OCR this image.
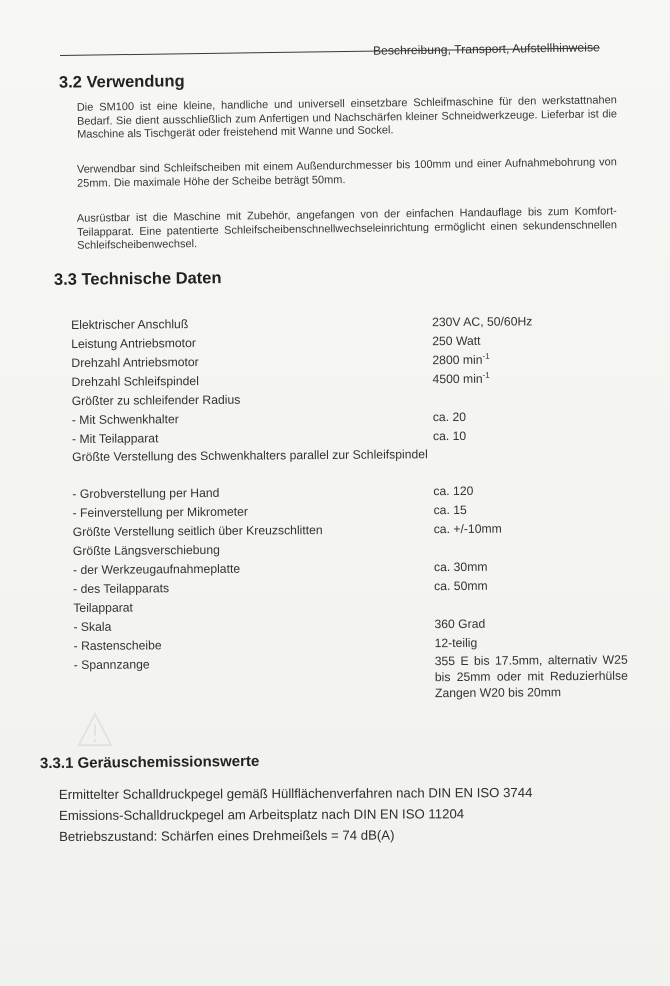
Beschreibung, Transport, Aufstellhinweise

3.2 Verwendung
Die SM100 ist eine kleine, handliche und universell einsetzbare Schleifmaschine für den werkstattnahen Bedarf. Sie dient ausschließlich zum Anfertigen und Nachschärfen kleiner Schneidwerkzeuge. Lieferbar ist die Maschine als Tischgerät oder freistehend mit Wanne und Sockel.
Verwendbar sind Schleifscheiben mit einem Außendurchmesser bis 100mm und einer Aufnahmebohrung von 25mm. Die maximale Höhe der Scheibe beträgt 50mm.
Ausrüstbar ist die Maschine mit Zubehör, angefangen von der einfachen Handauflage bis zum Komfort-Teilapparat. Eine patentierte Schleifscheibenschnellwechseleinrichtung ermöglicht einen sekundenschnellen Schleifscheibenwechsel.
3.3 Technische Daten
Elektrischer Anschluß	230V AC, 50/60Hz
Leistung Antriebsmotor	250 Watt
Drehzahl Antriebsmotor	2800 $\min^{-1}$
Drehzahl Schleifspindel	4500 $\min^{-1}$
Größter zu schleifender Radius
- Mit Schwenkhalter	ca. 20
- Mit Teilapparat	ca. 10
Größte Verstellung des Schwenkhalters parallel zur Schleifspindel
- Grobverstellung per Hand	ca. 120
- Feinverstellung per Mikrometer	ca. 15
Größte Verstellung seitlich über Kreuzschlitten	ca. +/-10mm
Größte Längsverschiebung
- der Werkzeugaufnahmeplatte	ca. 30mm
- des Teilapparats	ca. 50mm
Teilapparat
- Skala	360 Grad
- Rastenscheibe	12-teilig
- Spannzange	355 E bis 17.5mm, alternativ W25 bis 25mm oder mit Reduzierhülse Zangen W20 bis 20mm
3.3.1 Geräuschemissionswerte
Ermittelter Schalldruckpegel gemäß Hüllflächenverfahren nach DIN EN ISO 3744
Emissions-Schalldruckpegel am Arbeitsplatz nach DIN EN ISO 11204
Betriebszustand: Schärfen eines Drehmeißels = 74 dB(A)
